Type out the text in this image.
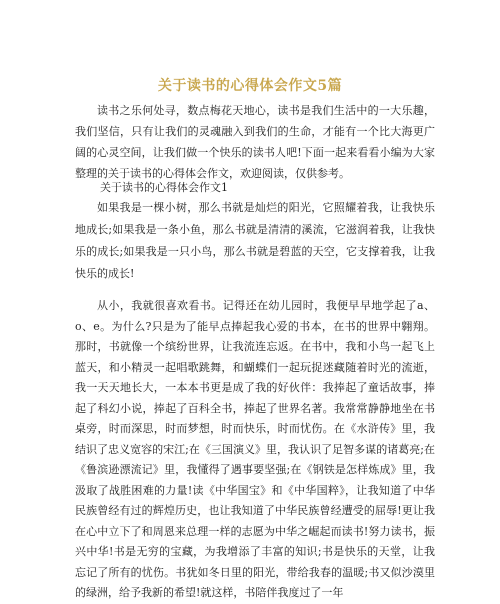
关于读书的心得体会作文5篇
读书之乐何处寻，数点梅花天地心，读书是我们生活中的一大乐趣，我们坚信，只有让我们的灵魂融入到我们的生命，才能有一个比大海更广阔的心灵空间，让我们做一个快乐的读书人吧!下面一起来看看小编为大家整理的关于读书的心得体会作文，欢迎阅读，仅供参考。
关于读书的心得体会作文1
如果我是一棵小树，那么书就是灿烂的阳光，它照耀着我，让我快乐地成长;如果我是一条小鱼，那么书就是清清的溪流，它滋润着我，让我快乐的成长;如果我是一只小鸟，那么书就是碧蓝的天空，它支撑着我，让我快乐的成长!
从小，我就很喜欢看书。记得还在幼儿园时，我便早早地学起了a、o、e。为什么?只是为了能早点捧起我心爱的书本，在书的世界中翱翔。那时，书就像一个缤纷世界，让我流连忘返。在书中，我和小鸟一起飞上蓝天，和小精灵一起唱歌跳舞，和蝴蝶们一起玩捉迷藏随着时光的流逝，我一天天地长大，一本本书更是成了我的好伙伴：我捧起了童话故事，捧起了科幻小说，捧起了百科全书，捧起了世界名著。我常常静静地坐在书桌旁，时而深思，时而梦想，时而快乐，时而忧伤。在《水浒传》里，我结识了忠义宽容的宋江;在《三国演义》里，我认识了足智多谋的诸葛亮;在《鲁滨逊漂流记》里，我懂得了遇事要坚强;在《钢铁是怎样炼成》里，我汲取了战胜困难的力量!读《中华国宝》和《中华国粹》，让我知道了中华民族曾经有过的辉煌历史，也让我知道了中华民族曾经遭受的屈辱!更让我在心中立下了和周恩来总理一样的志愿为中华之崛起而读书!努力读书，振兴中华!书是无穷的宝藏，为我增添了丰富的知识;书是快乐的天堂，让我忘记了所有的忧伤。书犹如冬日里的阳光，带给我春的温暖;书又似沙漠里的绿洲，给予我新的希望!就这样，书陪伴我度过了一年
